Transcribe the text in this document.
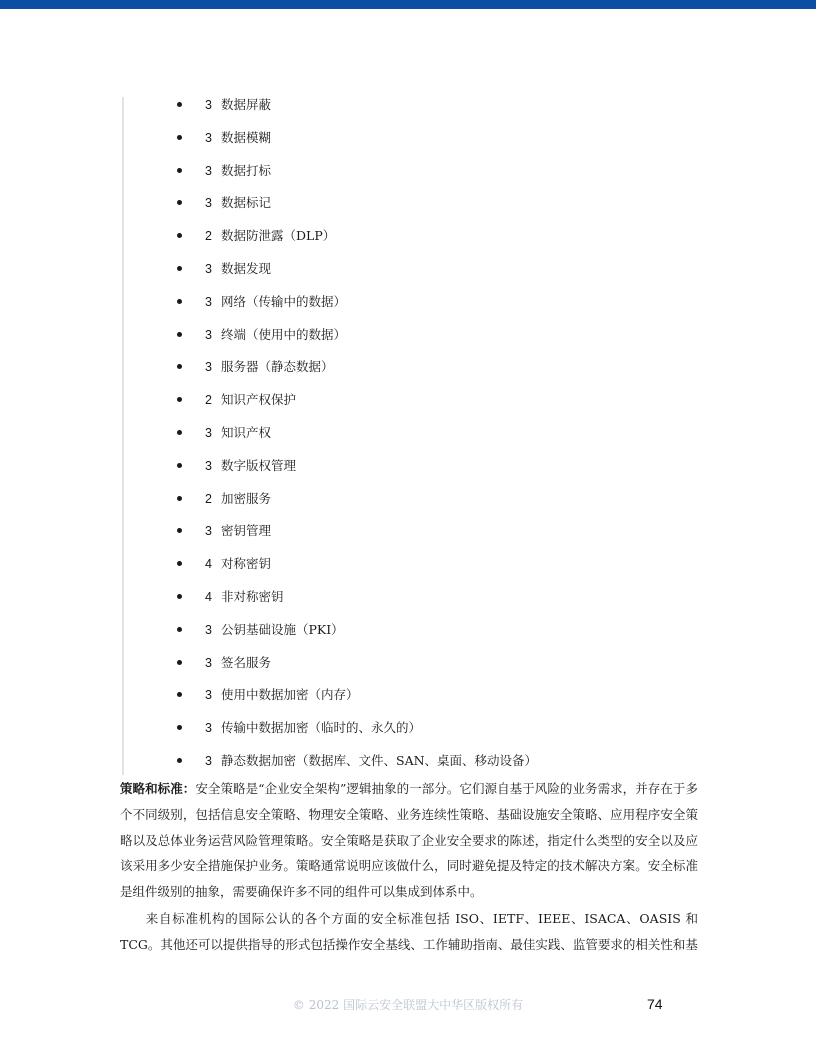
3 数据屏蔽
3 数据模糊
3 数据打标
3 数据标记
2 数据防泄露（DLP）
3 数据发现
3 网络（传输中的数据）
3 终端（使用中的数据）
3 服务器（静态数据）
2 知识产权保护
3 知识产权
3 数字版权管理
2 加密服务
3 密钥管理
4 对称密钥
4 非对称密钥
3 公钥基础设施（PKI）
3 签名服务
3 使用中数据加密（内存）
3 传输中数据加密（临时的、永久的）
3 静态数据加密（数据库、文件、SAN、桌面、移动设备）

策略和标准：安全策略是“企业安全架构”逻辑抽象的一部分。它们源自基于风险的业务需求，并存在于多个不同级别，包括信息安全策略、物理安全策略、业务连续性策略、基础设施安全策略、应用程序安全策略以及总体业务运营风险管理策略。安全策略是获取了企业安全要求的陈述，指定什么类型的安全以及应该采用多少安全措施保护业务。策略通常说明应该做什么，同时避免提及特定的技术解决方案。安全标准是组件级别的抽象，需要确保许多不同的组件可以集成到体系中。

来自标准机构的国际公认的各个方面的安全标准包括 ISO、IETF、IEEE、ISACA、OASIS 和 TCG。其他还可以提供指导的形式包括操作安全基线、工作辅助指南、最佳实践、监管要求的相关性和基

© 2022 国际云安全联盟大中华区版权所有	74
